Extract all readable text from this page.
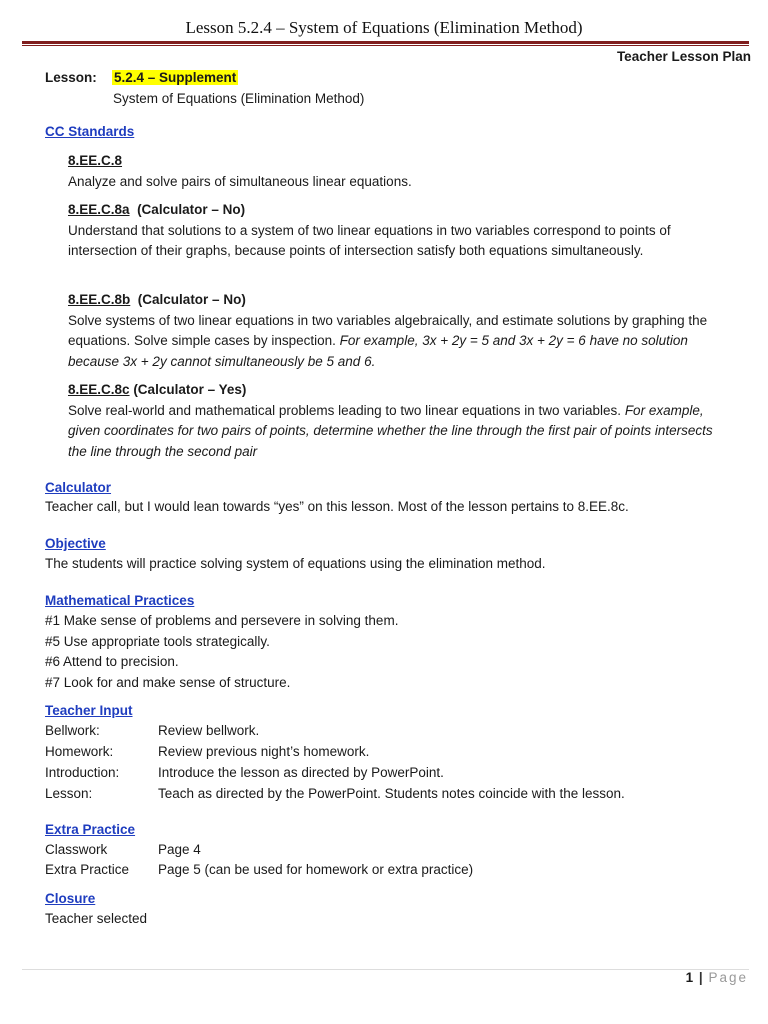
Lesson 5.2.4 – System of Equations (Elimination Method)
Teacher Lesson Plan
Lesson: 5.2.4 – Supplement
System of Equations (Elimination Method)
CC Standards
8.EE.C.8
Analyze and solve pairs of simultaneous linear equations.
8.EE.C.8a (Calculator – No)
Understand that solutions to a system of two linear equations in two variables correspond to points of intersection of their graphs, because points of intersection satisfy both equations simultaneously.
8.EE.C.8b (Calculator – No)
Solve systems of two linear equations in two variables algebraically, and estimate solutions by graphing the equations. Solve simple cases by inspection. For example, 3x + 2y = 5 and 3x + 2y = 6 have no solution because 3x + 2y cannot simultaneously be 5 and 6.
8.EE.C.8c (Calculator – Yes)
Solve real-world and mathematical problems leading to two linear equations in two variables. For example, given coordinates for two pairs of points, determine whether the line through the first pair of points intersects the line through the second pair
Calculator
Teacher call, but I would lean towards “yes” on this lesson. Most of the lesson pertains to 8.EE.8c.
Objective
The students will practice solving system of equations using the elimination method.
Mathematical Practices
#1 Make sense of problems and persevere in solving them.
#5 Use appropriate tools strategically.
#6 Attend to precision.
#7 Look for and make sense of structure.
Teacher Input
Bellwork:	Review bellwork.
Homework:	Review previous night’s homework.
Introduction:	Introduce the lesson as directed by PowerPoint.
Lesson:	Teach as directed by the PowerPoint. Students notes coincide with the lesson.
Extra Practice
Classwork	Page 4
Extra Practice Page 5 (can be used for homework or extra practice)
Closure
Teacher selected
1 | Page
